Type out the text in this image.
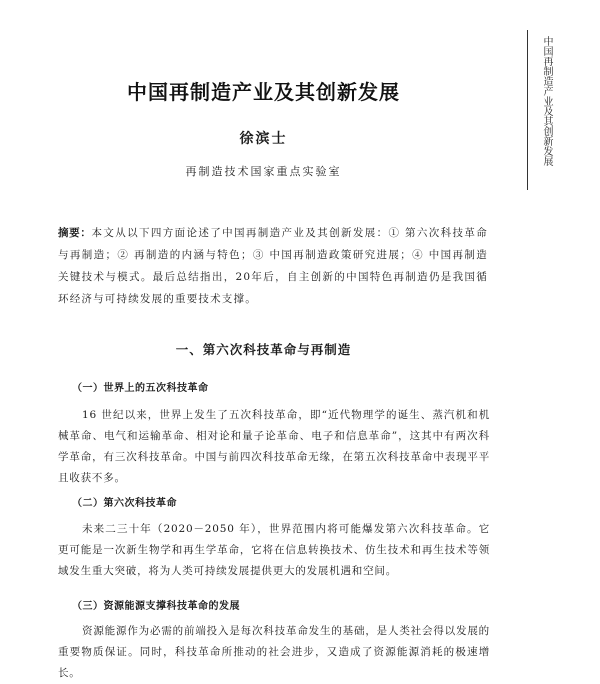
中国再制造产业及其创新发展
中国再制造产业及其创新发展
徐滨士
再制造技术国家重点实验室

摘要：本文从以下四方面论述了中国再制造产业及其创新发展：① 第六次科技革命与再制造；② 再制造的内涵与特色；③ 中国再制造政策研究进展；④ 中国再制造关键技术与模式。最后总结指出，20年后，自主创新的中国特色再制造仍是我国循环经济与可持续发展的重要技术支撑。

一、第六次科技革命与再制造
（一）世界上的五次科技革命

16 世纪以来，世界上发生了五次科技革命，即“近代物理学的诞生、蒸汽机和机械革命、电气和运输革命、相对论和量子论革命、电子和信息革命”，这其中有两次科学革命，有三次科技革命。中国与前四次科技革命无缘，在第五次科技革命中表现平平且收获不多。

（二）第六次科技革命

未来二三十年（2020－2050 年），世界范围内将可能爆发第六次科技革命。它更可能是一次新生物学和再生学革命，它将在信息转换技术、仿生技术和再生技术等领域发生重大突破，将为人类可持续发展提供更大的发展机遇和空间。

（三）资源能源支撑科技革命的发展

资源能源作为必需的前端投入是每次科技革命发生的基础，是人类社会得以发展的重要物质保证。同时，科技革命所推动的社会进步，又造成了资源能源消耗的极速增长。
